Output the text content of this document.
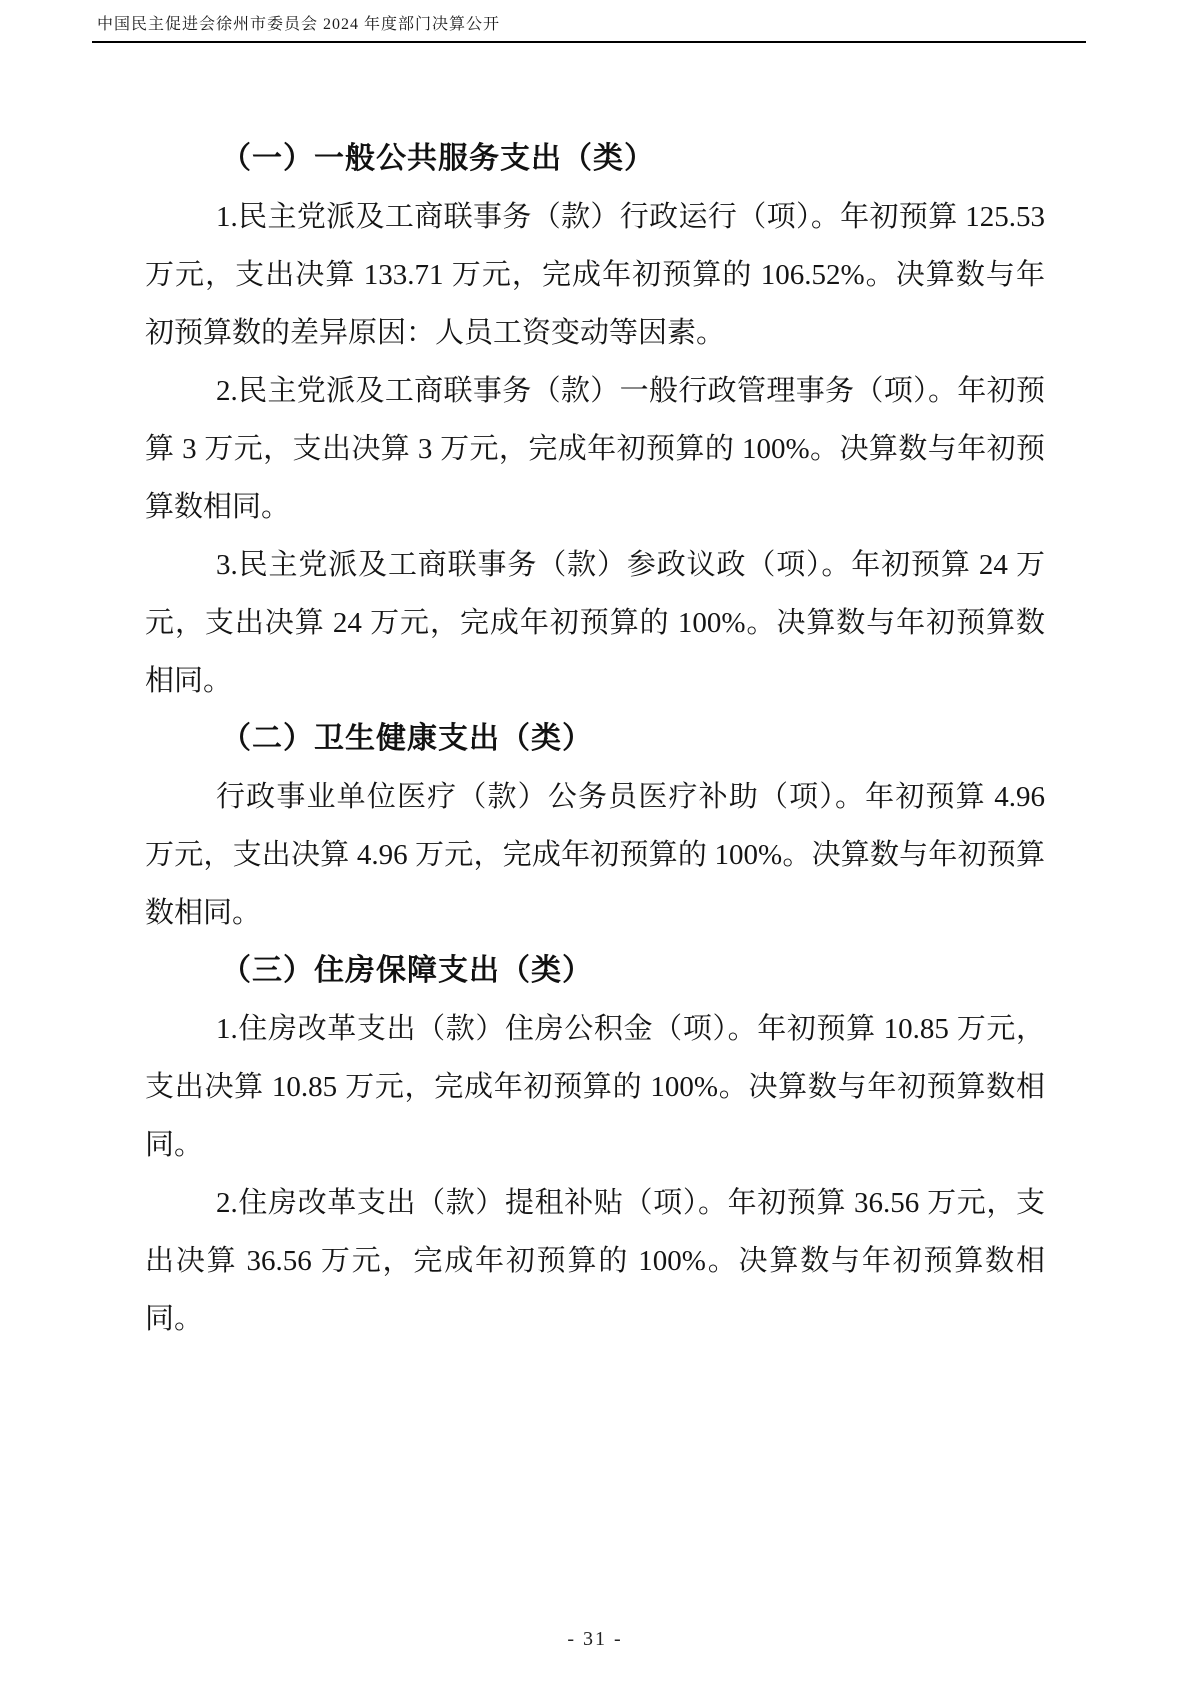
中国民主促进会徐州市委员会 2024 年度部门决算公开
（一）一般公共服务支出（类）

1.民主党派及工商联事务（款）行政运行（项）。年初预算 125.53 万元，支出决算 133.71 万元，完成年初预算的 106.52%。决算数与年初预算数的差异原因：人员工资变动等因素。

2.民主党派及工商联事务（款）一般行政管理事务（项）。年初预算 3 万元，支出决算 3 万元，完成年初预算的 100%。决算数与年初预算数相同。

3.民主党派及工商联事务（款）参政议政（项）。年初预算 24 万元，支出决算 24 万元，完成年初预算的 100%。决算数与年初预算数相同。

（二）卫生健康支出（类）

行政事业单位医疗（款）公务员医疗补助（项）。年初预算 4.96 万元，支出决算 4.96 万元，完成年初预算的 100%。决算数与年初预算数相同。

（三）住房保障支出（类）

1.住房改革支出（款）住房公积金（项）。年初预算 10.85 万元，支出决算 10.85 万元，完成年初预算的 100%。决算数与年初预算数相同。

2.住房改革支出（款）提租补贴（项）。年初预算 36.56 万元，支出决算 36.56 万元，完成年初预算的 100%。决算数与年初预算数相同。

- 31 -
